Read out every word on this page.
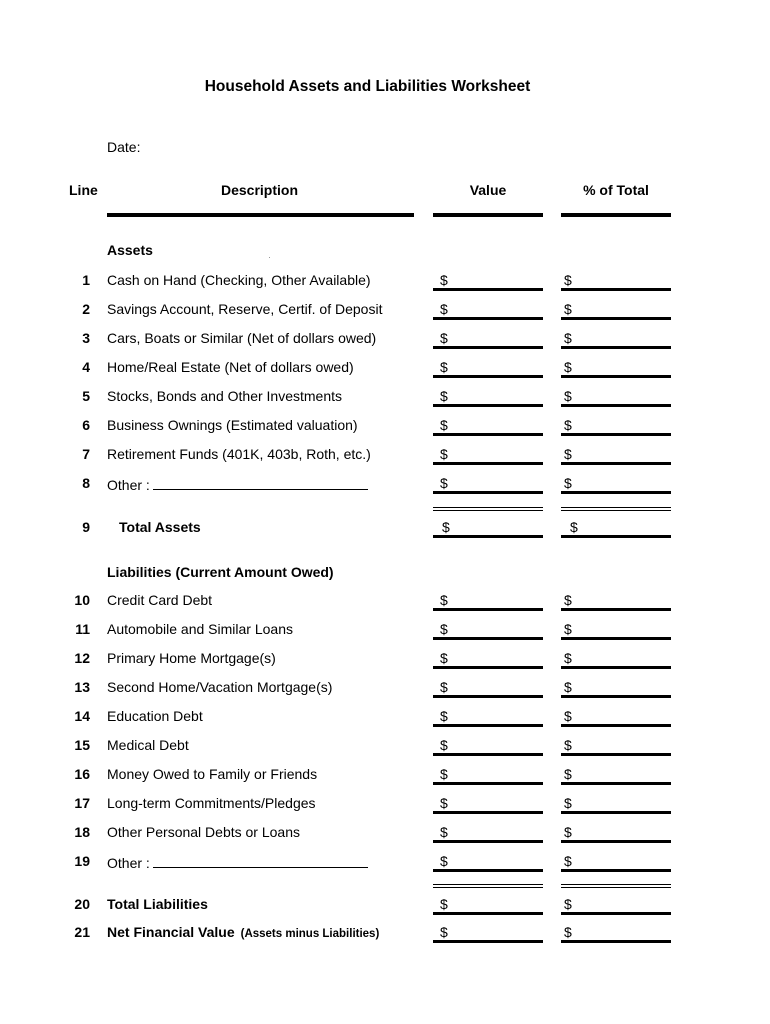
Household Assets and Liabilities Worksheet
Date:
Line	Description	Value	% of Total
Assets
1 Cash on Hand (Checking, Other Available)	$	$
2 Savings Account, Reserve, Certif. of Deposit	$	$
3 Cars, Boats or Similar (Net of dollars owed)	$	$
4 Home/Real Estate (Net of dollars owed)	$	$
5 Stocks, Bonds and Other Investments	$	$
6 Business Ownings (Estimated valuation)	$	$
7 Retirement Funds (401K, 403b, Roth, etc.)	$	$
8 Other :	$	$
9 Total Assets	$	$
Liabilities (Current Amount Owed)
10 Credit Card Debt	$	$
11 Automobile and Similar Loans	$	$
12 Primary Home Mortgage(s)	$	$
13 Second Home/Vacation Mortgage(s)	$	$
14 Education Debt	$	$
15 Medical Debt	$	$
16 Money Owed to Family or Friends	$	$
17 Long-term Commitments/Pledges	$	$
18 Other Personal Debts or Loans	$	$
19 Other :	$	$
20 Total Liabilities	$	$
21 Net Financial Value (Assets minus Liabilities)	$	$
